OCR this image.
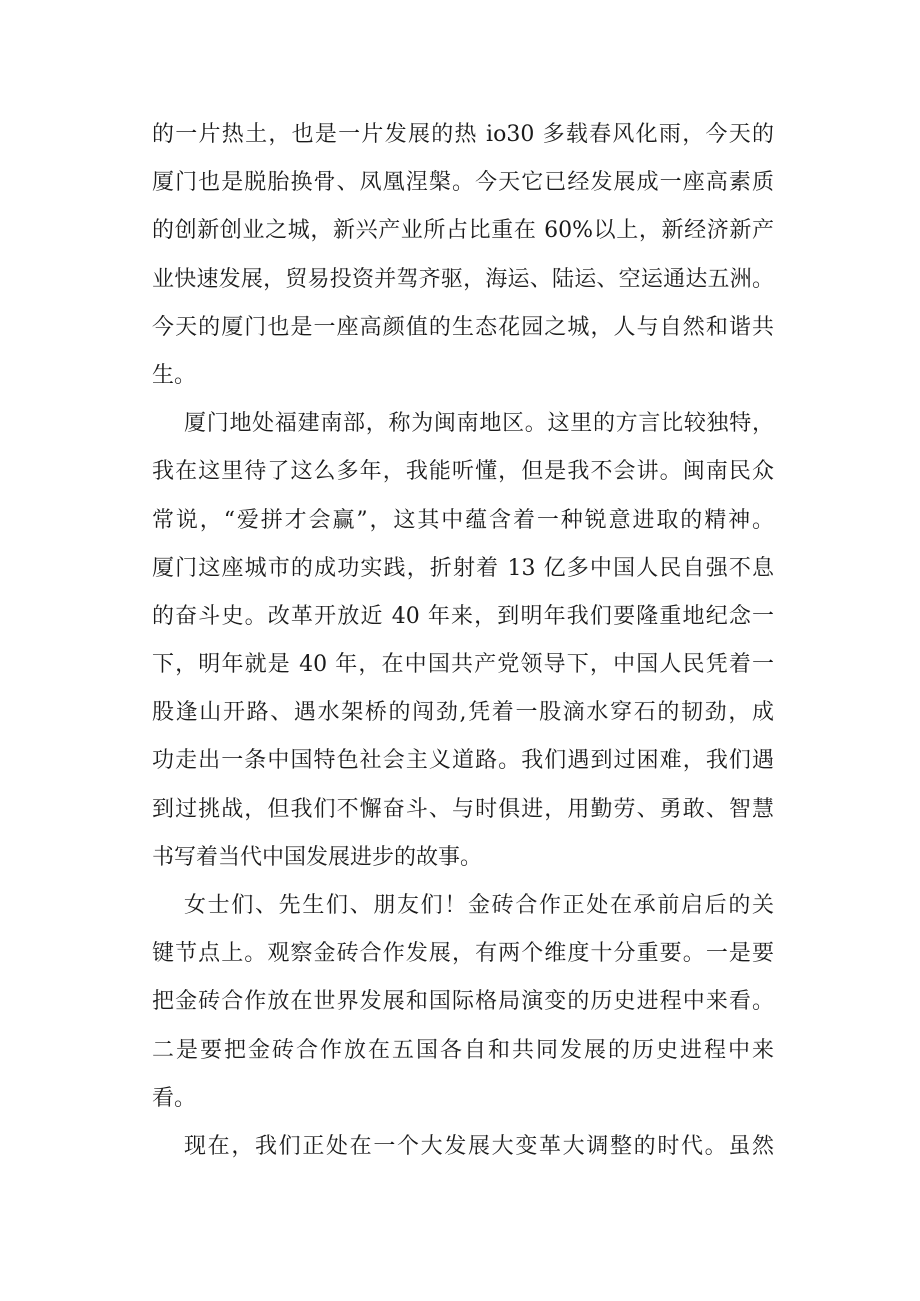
的一片热土，也是一片发展的热 io30 多载春风化雨，今天的
厦门也是脱胎换骨、凤凰涅槃。今天它已经发展成一座高素质
的创新创业之城，新兴产业所占比重在 60%以上，新经济新产
业快速发展，贸易投资并驾齐驱，海运、陆运、空运通达五洲。
今天的厦门也是一座高颜值的生态花园之城，人与自然和谐共
生。
厦门地处福建南部，称为闽南地区。这里的方言比较独特，
我在这里待了这么多年，我能听懂，但是我不会讲。闽南民众
常说，“爱拼才会赢”，这其中蕴含着一种锐意进取的精神。
厦门这座城市的成功实践，折射着 13 亿多中国人民自强不息
的奋斗史。改革开放近 40 年来，到明年我们要隆重地纪念一
下，明年就是 40 年，在中国共产党领导下，中国人民凭着一
股逢山开路、遇水架桥的闯劲,凭着一股滴水穿石的韧劲，成
功走出一条中国特色社会主义道路。我们遇到过困难，我们遇
到过挑战，但我们不懈奋斗、与时俱进，用勤劳、勇敢、智慧
书写着当代中国发展进步的故事。
女士们、先生们、朋友们！金砖合作正处在承前启后的关
键节点上。观察金砖合作发展，有两个维度十分重要。一是要
把金砖合作放在世界发展和国际格局演变的历史进程中来看。
二是要把金砖合作放在五国各自和共同发展的历史进程中来
看。
现在，我们正处在一个大发展大变革大调整的时代。虽然
